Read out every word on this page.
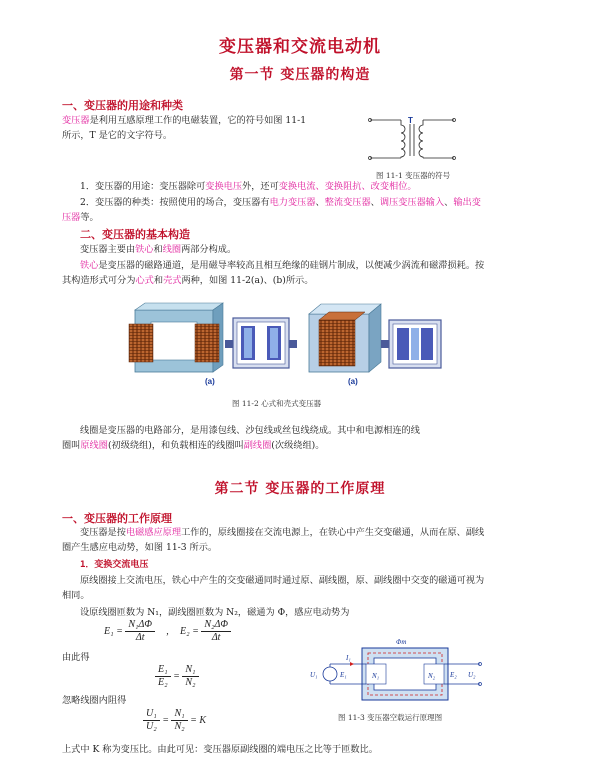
变压器和交流电动机
第一节 变压器的构造
一、变压器的用途和种类
变压器是利用互感原理工作的电磁装置，它的符号如图 11-1
所示，T 是它的文字符号。
T
图 11-1 变压器的符号
1．变压器的用途：变压器除可变换电压外，还可变换电流、变换阻抗、改变相位。
2．变压器的种类：按照使用的场合，变压器有电力变压器、整流变压器、调压变压器输入、输出变
压器等。
二、变压器的基本构造
变压器主要由铁心和线圈两部分构成。
铁心是变压器的磁路通道，是用磁导率较高且相互绝缘的硅钢片制成，以便减少涡流和磁滞损耗。按
其构造形式可分为心式和壳式两种，如图 11-2(a)、(b)所示。
(a)	(a)
图 11-2 心式和壳式变压器
线圈是变压器的电路部分，是用漆包线、沙包线或丝包线绕成。其中和电源相连的线
圈叫原线圈(初级绕组)，和负载相连的线圈叫副线圈(次级绕组)。
第二节 变压器的工作原理
一、变压器的工作原理
变压器是按电磁感应原理工作的，原线圈接在交流电源上，在铁心中产生交变磁通，从而在原、副线
圈产生感应电动势，如图 11-3 所示。
1．变换交流电压
原线圈接上交流电压，铁心中产生的交变磁通同时通过原、副线圈，原、副线圈中交变的磁通可视为
相同。
设原线圈匝数为 N₁，副线圈匝数为 N₂，磁通为 Φ，感应电动势为
$E_1 = \frac{\text{N₁ΔΦ}}{\Delta t}$ , $E_2 = \frac{\text{N₂ΔΦ}}{\Delta t}$
由此得
$\frac{\text{E₁}}{\text{E₂}} = \frac{\text{N₁}}{\text{N₂}}$
忽略线圈内阻得
$\frac{\text{U₁}}{\text{U₂}} = \frac{\text{N₁}}{\text{N₂}} = K$
Φm
N₁	N₂
U₁	E₁
I₁
E₂ U₂
图 11-3 变压器空载运行原理图
上式中 K 称为变压比。由此可见：变压器原副线圈的端电压之比等于匝数比。
